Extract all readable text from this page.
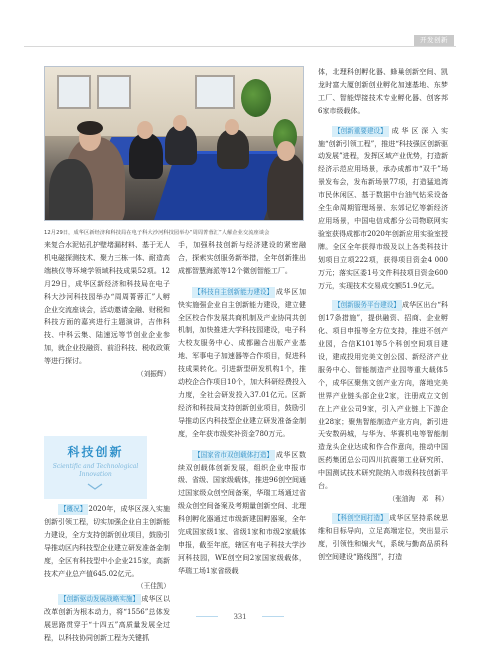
开发创新
12月29日，成华区新经济和科技局在电子科大沙河科技园举办“周周菁蓉汇”人解企业交流座谈会

来复合水泥钻孔护壁堵漏材料、基于无人机电磁探测技术、聚力三栋一体、耐造高端核仪等环境学领域科技成果52项。12月29日，成华区新经济和科技局在电子科大沙河科技园举办“周周菁蓉汇”人孵企业交流座谈会，活动邀请金融、财税和科技方面的嘉宾进行主题演讲，吉伟科技、中科云集、陆速远等节创业企业参加，就企业投融资、前沿科技、税收政策等进行探讨。

（刘振辉）

科技创新
Scientific and Technological
Innovation

【概况】 2020年，成华区深入实施创新引领工程，切实加强企业自主创新能力建设，全方支持创新创业项目，鼓励引导推动区内科技型企业建立研发准备金制度，全区有科技型中小企业215家，高新技术产业总产值645.02亿元。

（王佳凯）

【创新驱动发展战略实施】 成华区以改革创新为根本动力，将“1556”总体发展思路贯穿于“十四五”高质量发展全过程，以科技协同创新工程为关键抓

手，加强科技创新与经济建设的紧密融合，探索实创服务新举措，全年创新推出成都智慧海派等12个微创智能工厂。

【科技自主创新能力建设】 成华区加快实施强企业自主创新能力建设，建立健全区校合作发展共商机制及产业协同共创机制，加快推进大学科技园建设，电子科大校友服务中心、成都融合出版产业基地、军事电子加速器等合作项目，促进科技成果转化。引进新型研发机构1个，推动校企合作项目10个，加大科研经费投入力度，全社会研发投入37.01亿元。区新经济和科技局支持创新创业项目，鼓励引导推动区内科技型企业建立研发准备金制度，全年获市级奖补资金780万元。

【国家省市双创载体打造】 成华区数续双创载体创新发展，组织企业申报市级、省级、国家级载体，推进96创空间通过国家级众创空间备案，华瑞工场通过省级众创空间备案及考期量创新空间、北理科创孵化器通过市级新建国孵器案，全年完成国家级1家、省级1家和市级2家载体申报，截至年底，辖区有电子科技大学沙河科技园，WE创空间2家国家级载体，华瑞工场1家省级载

体，北理科创孵化器、蜂巢创新空间、凯龙时富大厦创新创业孵化加速基地、东梦工厂、智能焊接技术专业孵化器、创客邦6家市级载体。

【创新重要建设】 成华区深入实施“创新引领工程”，推进“科技强区创新驱动发展”进程，发挥区域产业优势，打造新经济示范应用场景，承办成都市“双千”场景发布会，发布新场景77项，打造猛追湾市民休闲区、基于数据中台油气钻采设备全生命周期管理场景、东郊记忆等新经济应用场景，中国电信成都分公司物联网实验室获得成都市2020年创新应用实验室授牌。全区全年获得市级及以上各类科技计划项目立项222项，获得项目资金4 000万元；落实区委1号文件科技项目资金600万元，实现技术交易成交额51.9亿元。

【创新服务平台建设】 成华区出台“科创17条措施”，提供融资、招商、企业孵化、项目申报等全方位支持，推进不创产业园，合信K101等5个科创空间项目建设，建成投用完美文创公园、新经济产业服务中心、智能制造产业园等重大载体5个，成华区聚焦文创产业方向，落地完美世界产业链头部企业2家，注册成立文创在上产业公司9家，引入产业链上下游企业28家；聚焦智能制造产业方向，新引进天安数码城，与华为、华赛机电等智能制造龙头企业达成和作合作意向，推动中国医药集团总公司四川抗震第工业研究所、中国测试技术研究院纳入市级科技创新平台。

（张油淘　邓　科）

【科创空间打造】 成华区坚持系统思维和目标导向，立足高端定位，突出显示度，引领性和煽火气，系统与勤高品质科创空间建设“路线图”，打造

331
